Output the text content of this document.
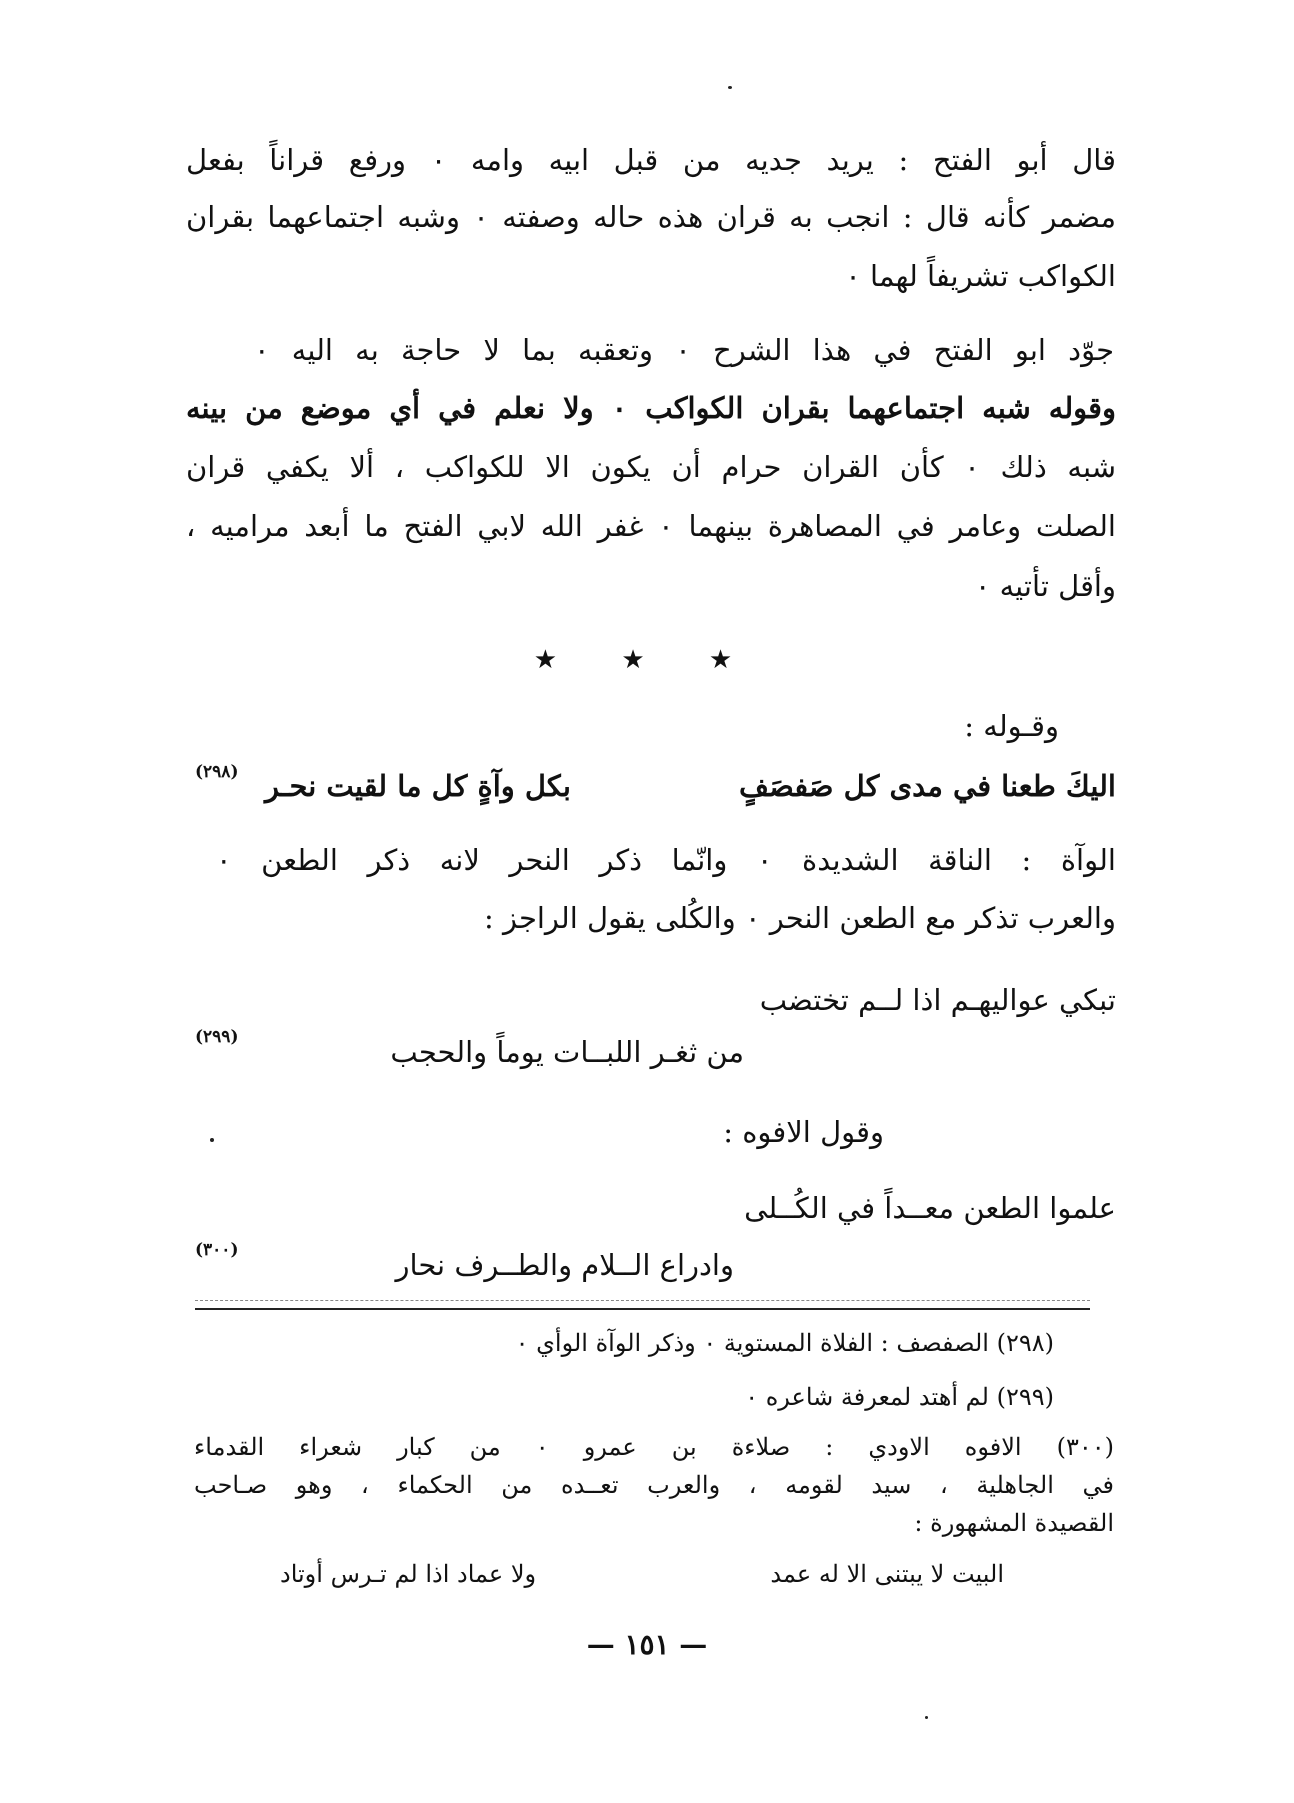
قال أبو الفتح : يريد جديه من قبل ابيه وامه ٠ ورفع قراناً بفعل
مضمر كأنه قال : انجب به قران هذه حاله وصفته ٠ وشبه اجتماعهما بقران
الكواكب تشريفاً لهما ٠
جوّد ابو الفتح في هذا الشرح ٠ وتعقبه بما لا حاجة به اليه ٠
وقوله شبه اجتماعهما بقران الكواكب ٠ ولا نعلم في أي موضع من بينه
شبه ذلك ٠ كأن القران حرام أن يكون الا للكواكب ، ألا يكفي قران
الصلت وعامر في المصاهرة بينهما ٠ غفر الله لابي الفتح ما أبعد مراميه ،
وأقل تأتيه ٠
★ ★ ★
وقـوله :
اليكَ طعنا في مدى كل صَفصَفٍ
بكل وآةٍ كل ما لقيت نحـر
(٢٩٨)
الوآة : الناقة الشديدة ٠ وانّما ذكر النحر لانه ذكر الطعن ٠
والعرب تذكر مع الطعن النحر ٠ والكُلى يقول الراجز :
تبكي عواليهـم اذا لــم تختضب
من ثغـر اللبــات يوماً والحجب
(٢٩٩)
وقول الافوه :
علموا الطعن معــداً في الكُــلى
وادراع الــلام والطــرف نحار
(٣٠٠)
(٢٩٨) الصفصف : الفلاة المستوية ٠ وذكر الوآة الوأي ٠
(٢٩٩) لم أهتد لمعرفة شاعره ٠
(٣٠٠) الافوه الاودي : صلاءة بن عمرو ٠ من كبار شعراء القدماء
في الجاهلية ، سيد لقومه ، والعرب تعــده من الحكماء ، وهو صـاحب
القصيدة المشهورة :
البيت لا يبتنى الا له عمد
ولا عماد اذا لم تـرس أوتاد
— ١٥١ —
